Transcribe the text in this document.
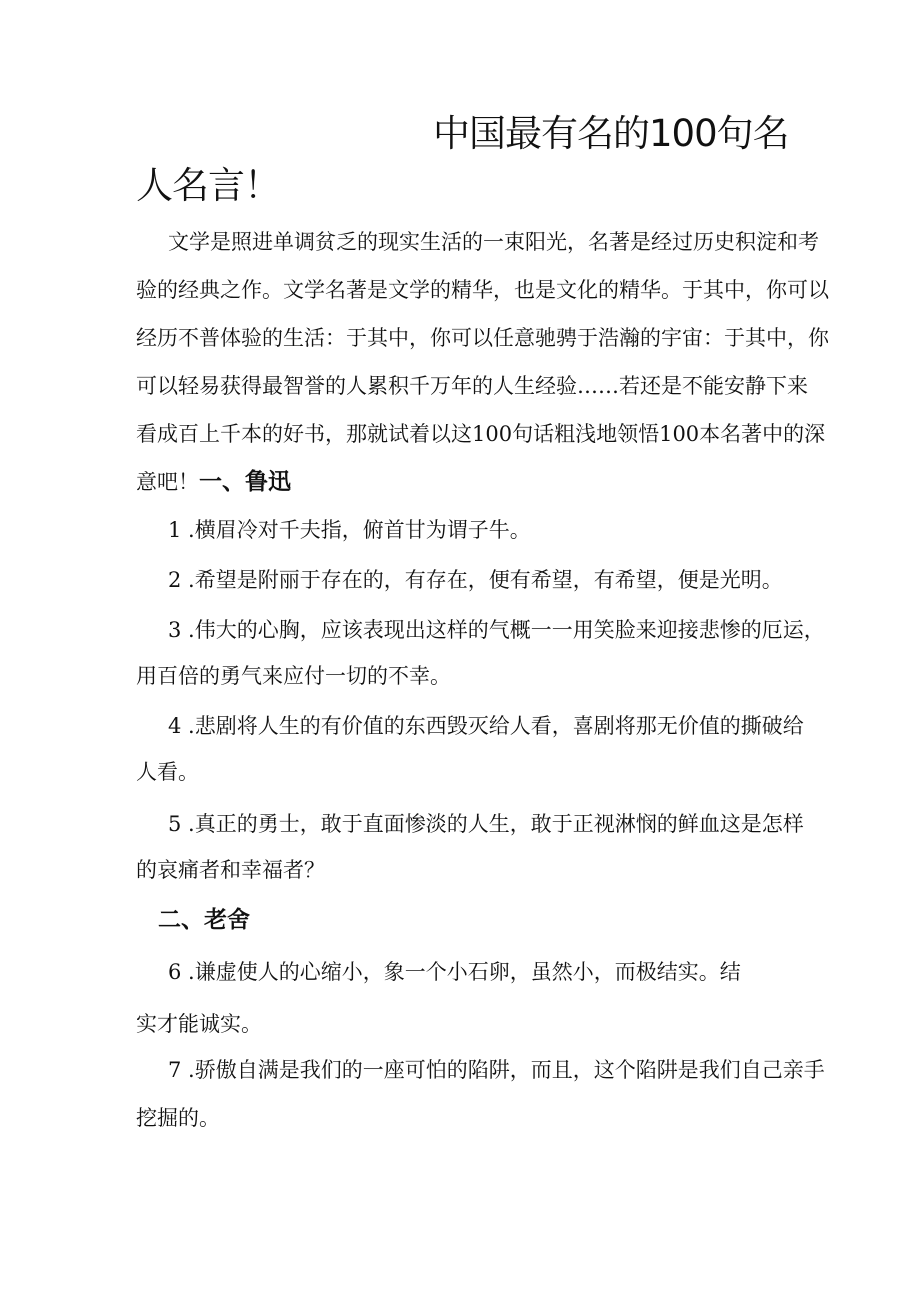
中国最有名的100句名
人名言！
文学是照进单调贫乏的现实生活的一束阳光，名著是经过历史积淀和考
验的经典之作。文学名著是文学的精华，也是文化的精华。于其中，你可以
经历不普体验的生活：于其中，你可以任意驰骋于浩瀚的宇宙：于其中，你
可以轻易获得最智誉的人累积千万年的人生经验……若还是不能安静下来
看成百上千本的好书，那就试着以这100句话粗浅地领悟100本名著中的深
意吧！一、鲁迅
1 .横眉冷对千夫指，俯首甘为谓子牛。
2 .希望是附丽于存在的，有存在，便有希望，有希望，便是光明。
3 .伟大的心胸，应该表现出这样的气概一一用笑脸来迎接悲惨的厄运，
用百倍的勇气来应付一切的不幸。
4 .悲剧将人生的有价值的东西毁灭给人看，喜剧将那无价值的撕破给
人看。
5 .真正的勇士，敢于直面惨淡的人生，敢于正视淋悯的鲜血这是怎样
的哀痛者和幸福者？
二、老舍
6 .谦虚使人的心缩小，象一个小石卵，虽然小，而极结实。结
实才能诚实。
7 .骄傲自满是我们的一座可怕的陷阱，而且，这个陷阱是我们自己亲手
挖掘的。
